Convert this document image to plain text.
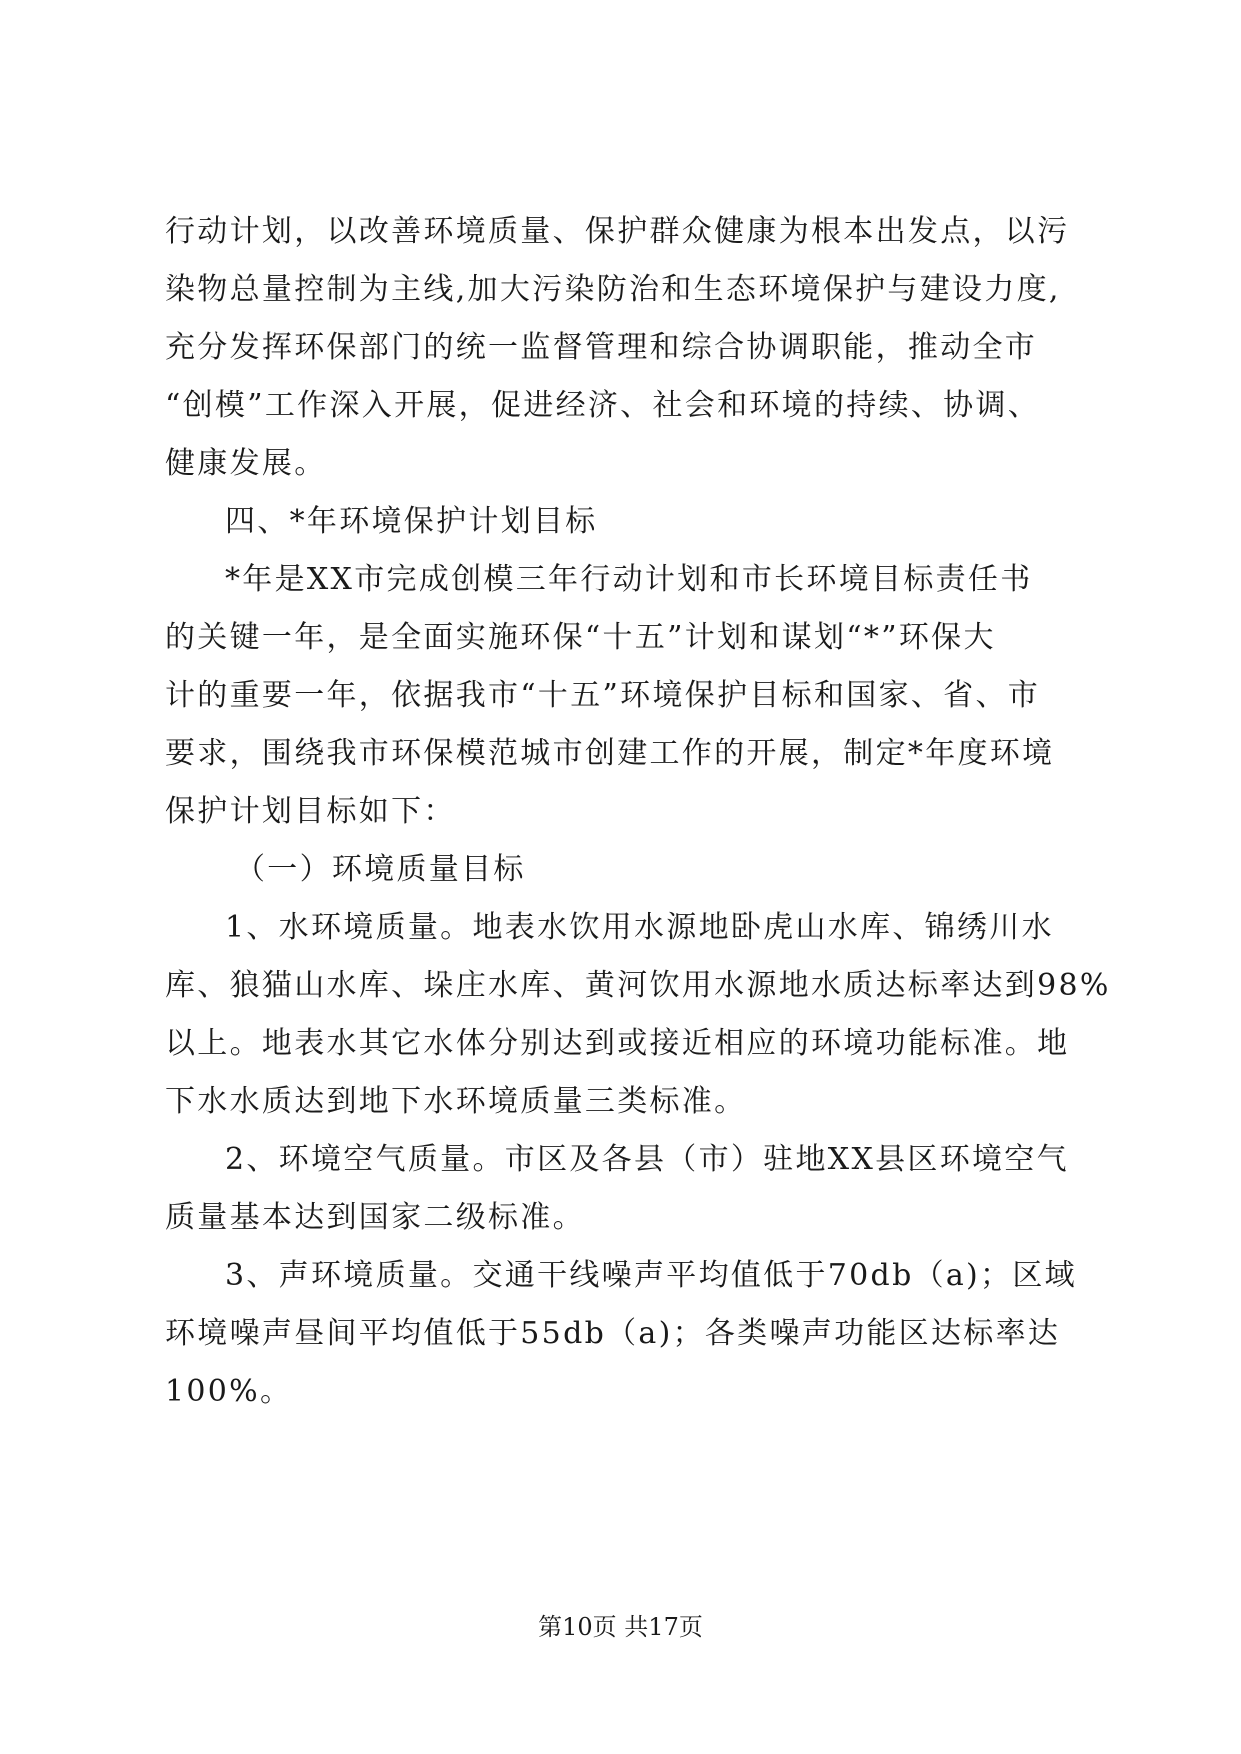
行动计划，以改善环境质量、保护群众健康为根本出发点，以污
染物总量控制为主线,加大污染防治和生态环境保护与建设力度,
充分发挥环保部门的统一监督管理和综合协调职能，推动全市
“创模”工作深入开展，促进经济、社会和环境的持续、协调、
健康发展。
四、*年环境保护计划目标
*年是XX市完成创模三年行动计划和市长环境目标责任书
的关键一年，是全面实施环保“十五”计划和谋划“*”环保大
计的重要一年，依据我市“十五”环境保护目标和国家、省、市
要求，围绕我市环保模范城市创建工作的开展，制定*年度环境
保护计划目标如下：
（一）环境质量目标
1、水环境质量。地表水饮用水源地卧虎山水库、锦绣川水
库、狼猫山水库、垛庄水库、黄河饮用水源地水质达标率达到98%
以上。地表水其它水体分别达到或接近相应的环境功能标准。地
下水水质达到地下水环境质量三类标准。
2、环境空气质量。市区及各县（市）驻地XX县区环境空气
质量基本达到国家二级标准。
3、声环境质量。交通干线噪声平均值低于70db（a)；区域
环境噪声昼间平均值低于55db（a)；各类噪声功能区达标率达
100%。
第10页 共17页
